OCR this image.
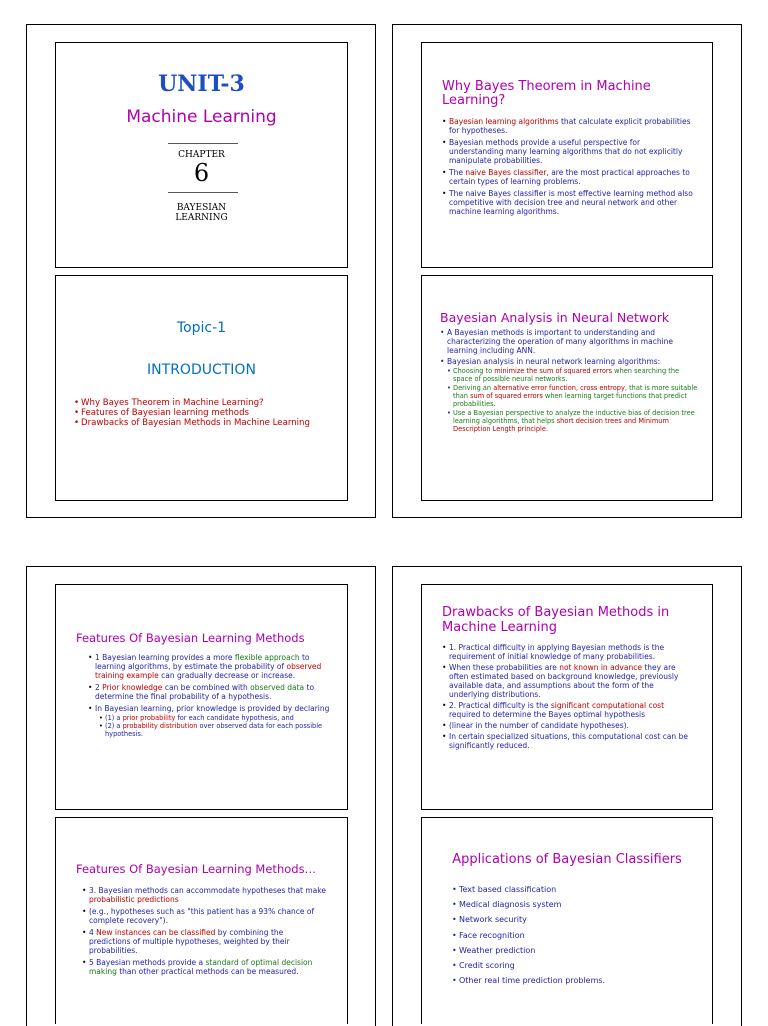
UNIT-3
Machine Learning
CHAPTER
6
BAYESIAN
LEARNING
Why Bayes Theorem in Machine Learning?
• Bayesian learning algorithms that calculate explicit probabilities for hypotheses.
• Bayesian methods provide a useful perspective for understanding many learning algorithms that do not explicitly manipulate probabilities.
• The naive Bayes classifier, are the most practical approaches to certain types of learning problems.
• The naive Bayes classifier is most effective learning method also competitive with decision tree and neural network and other machine learning algorithms.
Topic-1
INTRODUCTION
• Why Bayes Theorem in Machine Learning?
• Features of Bayesian learning methods
• Drawbacks of Bayesian Methods in Machine Learning
Bayesian Analysis in Neural Network
• A Bayesian methods is important to understanding and characterizing the operation of many algorithms in machine learning including ANN.
• Bayesian analysis in neural network learning algorithms:
• Choosing to minimize the sum of squared errors when searching the space of possible neural networks.
• Deriving an alternative error function, cross entropy, that is more suitable than sum of squared errors when learning target functions that predict probabilities.
• Use a Bayesian perspective to analyze the inductive bias of decision tree learning algorithms, that helps short decision trees and Minimum Description Length principle.
Features Of Bayesian Learning Methods
• 1 Bayesian learning provides a more flexible approach to learning algorithms, by estimate the probability of observed training example can gradually decrease or increase.
• 2 Prior knowledge can be combined with observed data to determine the final probability of a hypothesis.
• In Bayesian learning, prior knowledge is provided by declaring
• (1) a prior probability for each candidate hypothesis, and
• (2) a probability distribution over observed data for each possible hypothesis.
Drawbacks of Bayesian Methods in Machine Learning
• 1. Practical difficulty in applying Bayesian methods is the requirement of initial knowledge of many probabilities.
• When these probabilities are not known in advance they are often estimated based on background knowledge, previously available data, and assumptions about the form of the underlying distributions.
• 2. Practical difficulty is the significant computational cost required to determine the Bayes optimal hypothesis
• (linear in the number of candidate hypotheses).
• In certain specialized situations, this computational cost can be significantly reduced.
Features Of Bayesian Learning Methods…
• 3. Bayesian methods can accommodate hypotheses that make probabilistic predictions
• (e.g., hypotheses such as "this patient has a 93% chance of complete recovery").
• 4 New instances can be classified by combining the predictions of multiple hypotheses, weighted by their probabilities.
• 5 Bayesian methods provide a standard of optimal decision making than other practical methods can be measured.
Applications of Bayesian Classifiers
• Text based classification
• Medical diagnosis system
• Network security
• Face recognition
• Weather prediction
• Credit scoring
• Other real time prediction problems.
